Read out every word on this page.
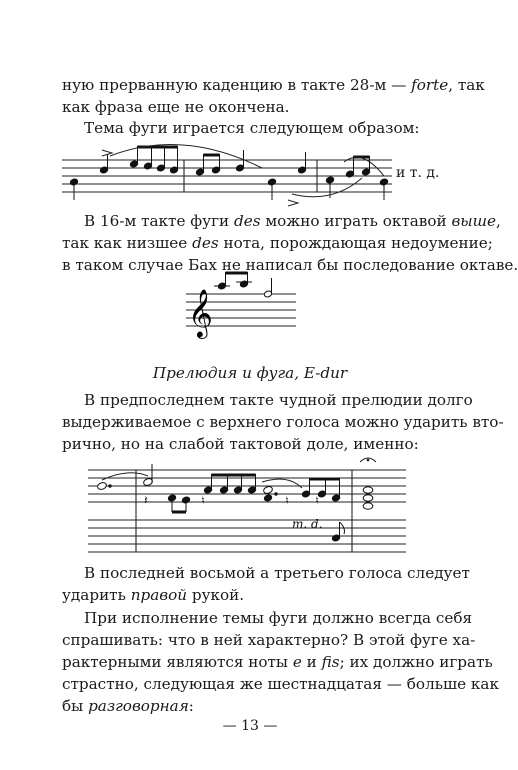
ную прерванную каденцию в такте 28-м — forte, так
как фраза еще не окончена.
Тема фуги играется следующем образом:
и т. д.
В 16-м такте фуги des можно играть октавой выше,
так как низшее des нота, порождающая недоумение;
в таком случае Бах не написал бы последование октаве.
𝄞
Прелюдия и фуга, E-dur
В предпоследнем такте чудной прелюдии долго
выдерживаемое с верхнего голоса можно ударить вто-
рично, но на слабой тактовой доле, именно:
𝄽	♮	♮ ♮
m. d.
В последней восьмой а третьего голоса следует
ударить правой рукой.
При исполнение темы фуги должно всегда себя
спрашивать: что в ней характерно? В этой фуге ха-
рактерными являются ноты e и fis; их должно играть
страстно, следующая же шестнадцатая — больше как
бы разговорная:
— 13 —
